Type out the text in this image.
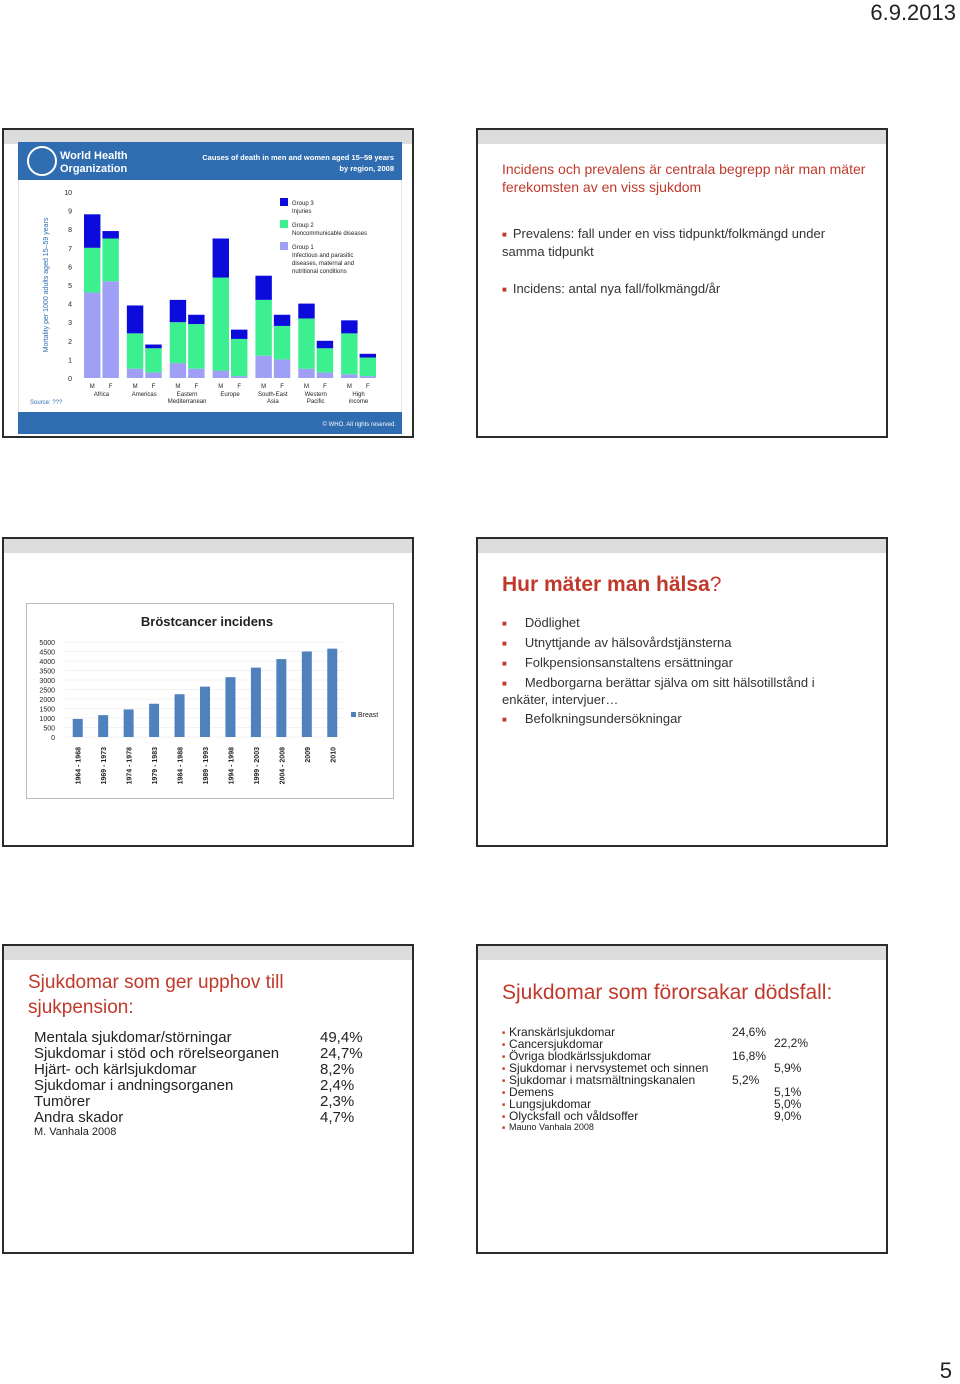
6.9.2013
World Health
Organization
Causes of death in men and women aged 15–59 years
by region, 2008
0
1
2
3
4
5
6
7
8
9
10
Mortality per 1000 adults aged 15–59 years
M F	M F	M F	M F	M F	M F	M F
Africa	Americas	Eastern
Mediterranean
Europe	South-East
Asia
Western
Pacific
High
income
Group 3
Injuries
Group 2
Noncommunicable diseases
Group 1
Infectious and parasitic
diseases, maternal and
nutritional conditions
Source: ???
© WHO. All rights reserved.
Incidens och prevalens är centrala begrepp när man mäter ferekomsten av en viss sjukdom
■ Prevalens: fall under en viss tidpunkt/folkmängd under samma tidpunkt
■ Incidens: antal nya fall/folkmängd/år
Bröstcancer incidens
0
500
1000
1500
2000
2500
3000
3500
4000
4500
5000
1964 - 1968	1969 - 1973	1974 - 1978	1979 - 1983	1984 - 1988	1989 - 1993	1994 - 1998	1999 - 2003	2004 - 2008	2009	2010
Breast
Hur mäter man hälsa?
■ Dödlighet
■ Utnyttjande av hälsovårdstjänsterna
■ Folkpensionsanstaltens ersättningar
■ Medborgarna berättar själva om sitt hälsotillstånd i enkäter, intervjuer…
■ Befolkningsundersökningar
Sjukdomar som ger upphov till sjukpension:
Mentala sjukdomar/störningar	49,4%
Sjukdomar i stöd och rörelseorganen	24,7%
Hjärt- och kärlsjukdomar	8,2%
Sjukdomar i andningsorganen	2,4%
Tumörer	2,3%
Andra skador	4,7%
M. Vanhala 2008
Sjukdomar som förorsakar dödsfall:
■ Kranskärlsjukdomar	24,6%
■ Cancersjukdomar	22,2%
■ Övriga blodkärlssjukdomar	16,8%
■ Sjukdomar i nervsystemet och sinnen	5,9%
■ Sjukdomar i matsmältningskanalen	5,2%
■ Demens	5,1%
■ Lungsjukdomar	5,0%
■ Olycksfall och våldsoffer	9,0%
■ Mauno Vanhala 2008
5
